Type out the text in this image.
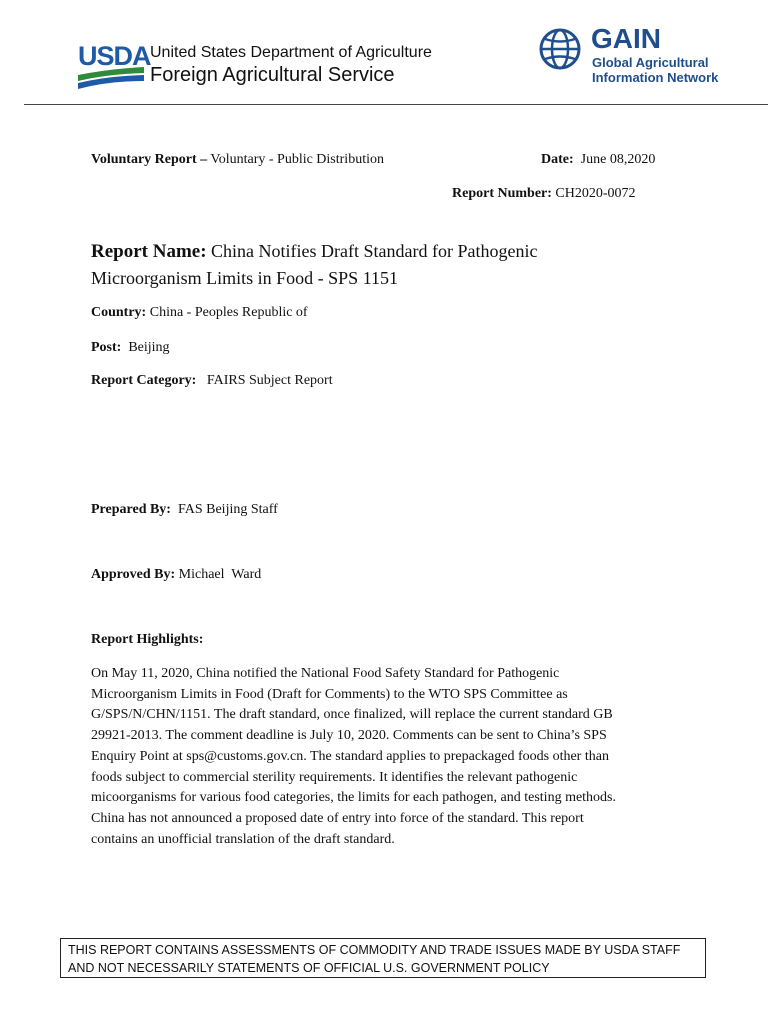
USDA United States Department of Agriculture
Foreign Agricultural Service
GAIN
Global Agricultural
Information Network
Voluntary Report – Voluntary - Public Distribution	Date:  June 08,2020
Report Number: CH2020-0072
Report Name: China Notifies Draft Standard for Pathogenic Microorganism Limits in Food - SPS 1151
Country: China - Peoples Republic of
Post:  Beijing
Report Category:   FAIRS Subject Report
Prepared By:  FAS Beijing Staff
Approved By: Michael  Ward
Report Highlights:
On May 11, 2020, China notified the National Food Safety Standard for Pathogenic
Microorganism Limits in Food (Draft for Comments) to the WTO SPS Committee as
G/SPS/N/CHN/1151. The draft standard, once finalized, will replace the current standard GB
29921-2013. The comment deadline is July 10, 2020. Comments can be sent to China’s SPS
Enquiry Point at sps@customs.gov.cn. The standard applies to prepackaged foods other than
foods subject to commercial sterility requirements. It identifies the relevant pathogenic
micoorganisms for various food categories, the limits for each pathogen, and testing methods.
China has not announced a proposed date of entry into force of the standard. This report
contains an unofficial translation of the draft standard.
THIS REPORT CONTAINS ASSESSMENTS OF COMMODITY AND TRADE ISSUES MADE BY USDA STAFF
AND NOT NECESSARILY STATEMENTS OF OFFICIAL U.S. GOVERNMENT POLICY
